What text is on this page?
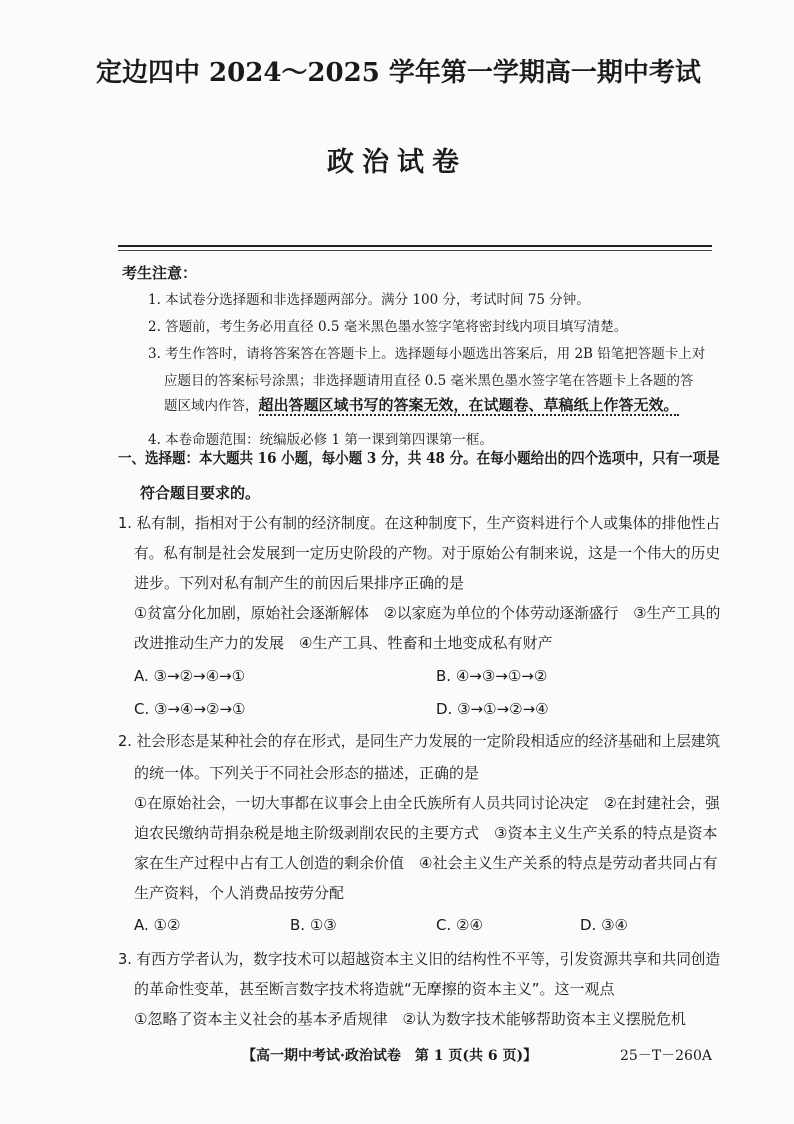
定边四中 2024～2025 学年第一学期高一期中考试
政治试卷
考生注意：
1. 本试卷分选择题和非选择题两部分。满分 100 分，考试时间 75 分钟。
2. 答题前，考生务必用直径 0.5 毫米黑色墨水签字笔将密封线内项目填写清楚。
3. 考生作答时，请将答案答在答题卡上。选择题每小题选出答案后，用 2B 铅笔把答题卡上对
应题目的答案标号涂黑；非选择题请用直径 0.5 毫米黑色墨水签字笔在答题卡上各题的答
题区域内作答，超出答题区域书写的答案无效，在试题卷、草稿纸上作答无效。
4. 本卷命题范围：统编版必修 1 第一课到第四课第一框。
一、选择题：本大题共 16 小题，每小题 3 分，共 48 分。在每小题给出的四个选项中，只有一项是
符合题目要求的。
1. 私有制，指相对于公有制的经济制度。在这种制度下，生产资料进行个人或集体的排他性占
有。私有制是社会发展到一定历史阶段的产物。对于原始公有制来说，这是一个伟大的历史
进步。下列对私有制产生的前因后果排序正确的是
①贫富分化加剧，原始社会逐渐解体　②以家庭为单位的个体劳动逐渐盛行　③生产工具的
改进推动生产力的发展　④生产工具、牲畜和土地变成私有财产
A. ③→②→④→①	B. ④→③→①→②
C. ③→④→②→①	D. ③→①→②→④
2. 社会形态是某种社会的存在形式，是同生产力发展的一定阶段相适应的经济基础和上层建筑
的统一体。下列关于不同社会形态的描述，正确的是
①在原始社会，一切大事都在议事会上由全氏族所有人员共同讨论决定　②在封建社会，强
迫农民缴纳苛捐杂税是地主阶级剥削农民的主要方式　③资本主义生产关系的特点是资本
家在生产过程中占有工人创造的剩余价值　④社会主义生产关系的特点是劳动者共同占有
生产资料，个人消费品按劳分配
A. ①②	B. ①③	C. ②④	D. ③④
3. 有西方学者认为，数字技术可以超越资本主义旧的结构性不平等，引发资源共享和共同创造
的革命性变革，甚至断言数字技术将造就“无摩擦的资本主义”。这一观点
①忽略了资本主义社会的基本矛盾规律　②认为数字技术能够帮助资本主义摆脱危机
【高一期中考试·政治试卷　第 1 页(共 6 页)】	25－T－260A
